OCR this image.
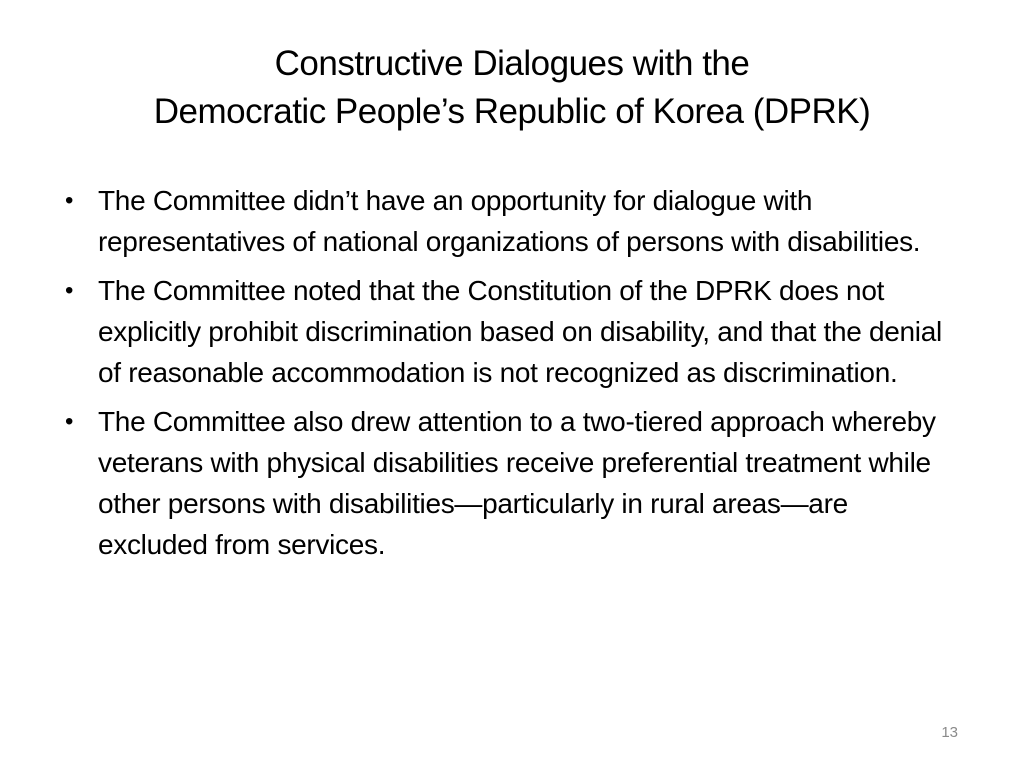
Constructive Dialogues with the
Democratic People’s Republic of Korea (DPRK)
• The Committee didn’t have an opportunity for dialogue with representatives of national organizations of persons with disabilities.
• The Committee noted that the Constitution of the DPRK does not explicitly prohibit discrimination based on disability, and that the denial of reasonable accommodation is not recognized as discrimination.
• The Committee also drew attention to a two-tiered approach whereby veterans with physical disabilities receive preferential treatment while other persons with disabilities—particularly in rural areas—are excluded from services.
13
